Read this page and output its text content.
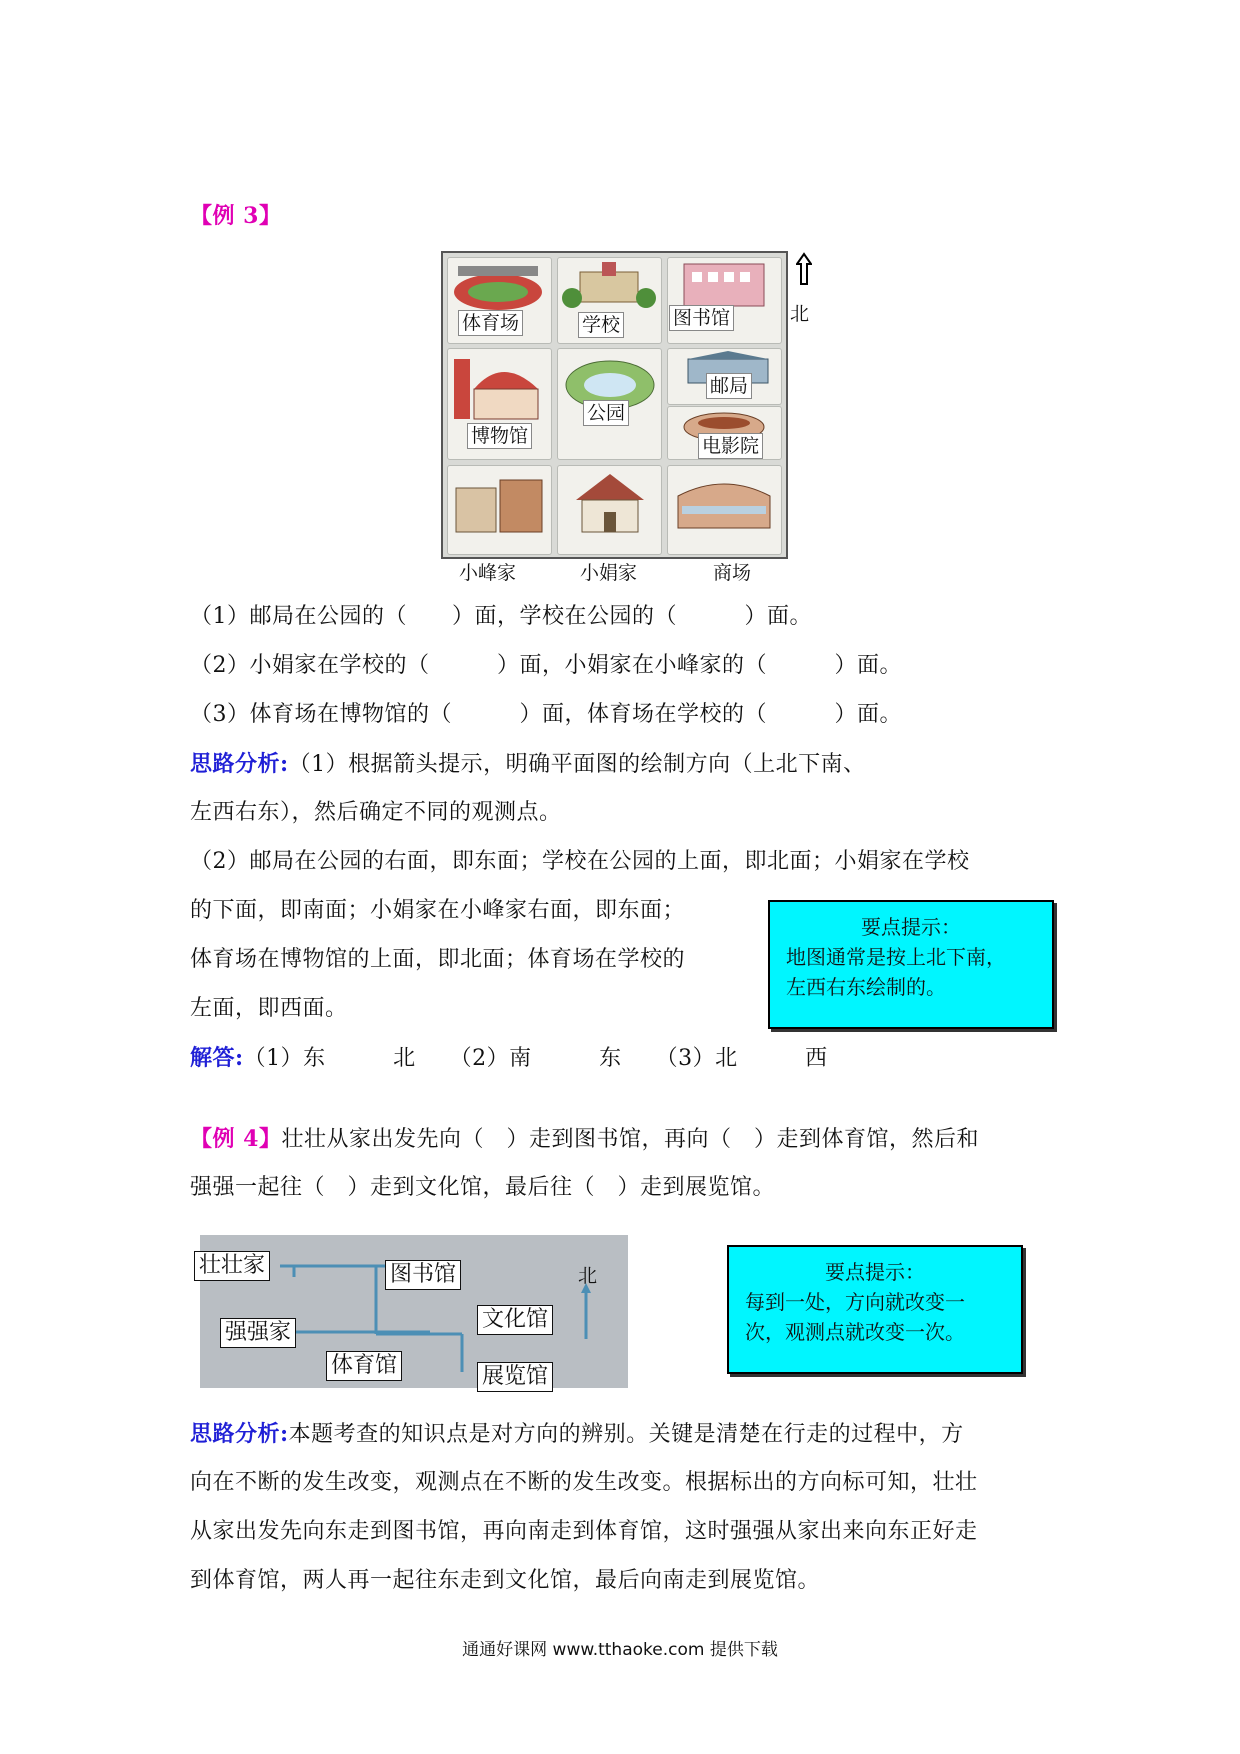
【例 3】
体育场	学校	图书馆
博物馆
公园
邮局
电影院
北
小峰家	小娟家	商场
（1）邮局在公园的（　　）面，学校在公园的（　　　）面。
（2）小娟家在学校的（　　　）面，小娟家在小峰家的（　　　）面。
（3）体育场在博物馆的（　　　）面，体育场在学校的（　　　）面。
思路分析:（1）根据箭头提示，明确平面图的绘制方向（上北下南、
左西右东），然后确定不同的观测点。
（2）邮局在公园的右面，即东面；学校在公园的上面，即北面；小娟家在学校
的下面，即南面；小娟家在小峰家右面，即东面；
体育场在博物馆的上面，即北面；体育场在学校的
左面，即西面。
要点提示：
地图通常是按上北下南，
左西右东绘制的。
解答:（1）东　　　北　　（2）南　　　东　　（3）北　　　西
【例 4】壮壮从家出发先向（　）走到图书馆，再向（　）走到体育馆，然后和
强强一起往（　）走到文化馆，最后往（　）走到展览馆。
壮壮家	图书馆
强强家
体育馆
文化馆
展览馆
北	要点提示：
每到一处，方向就改变一
次，观测点就改变一次。
思路分析:本题考查的知识点是对方向的辨别。关键是清楚在行走的过程中，方
向在不断的发生改变，观测点在不断的发生改变。根据标出的方向标可知，壮壮
从家出发先向东走到图书馆，再向南走到体育馆，这时强强从家出来向东正好走
到体育馆，两人再一起往东走到文化馆，最后向南走到展览馆。
通通好课网 www.tthaoke.com 提供下载
